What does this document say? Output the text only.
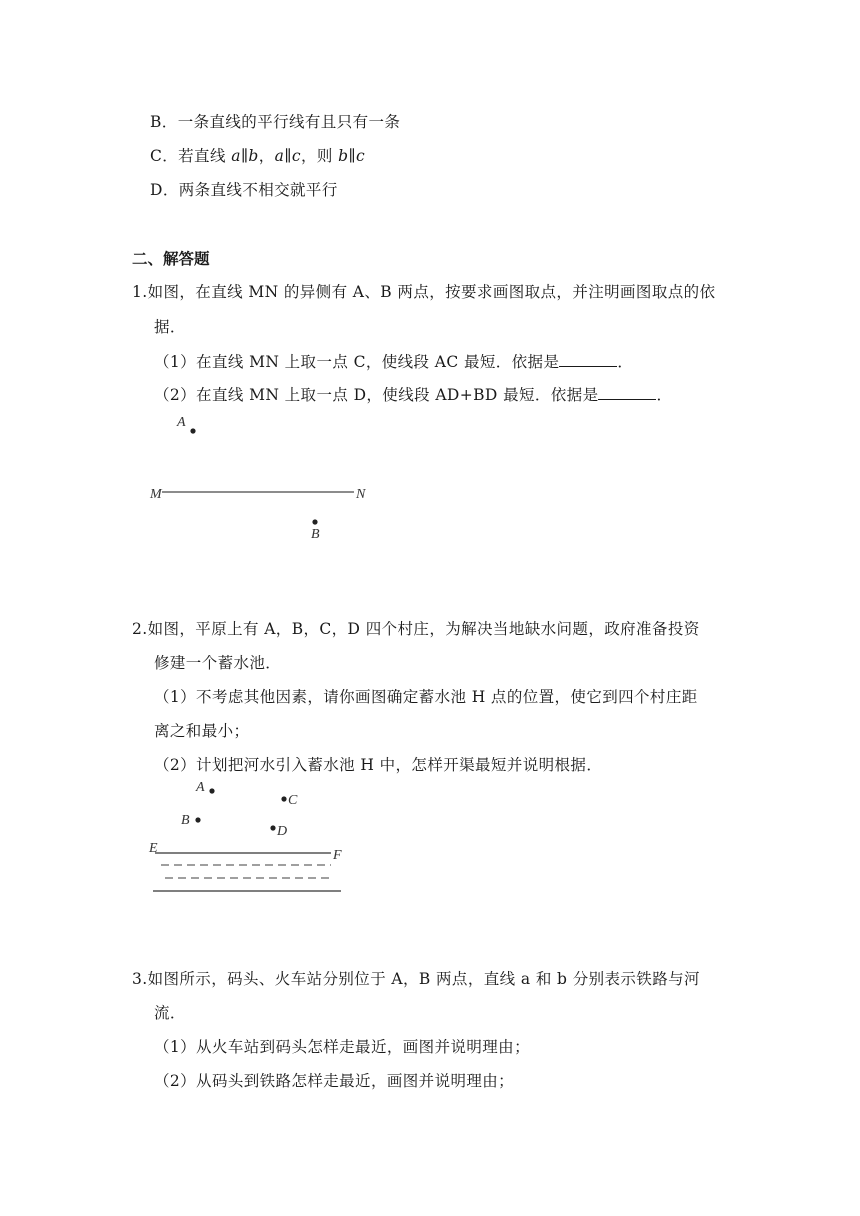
B．一条直线的平行线有且只有一条
C．若直线 a∥b，a∥c，则 b∥c
D．两条直线不相交就平行
二、解答题
1.如图，在直线 MN 的异侧有 A、B 两点，按要求画图取点，并注明画图取点的依
据．
（1）在直线 MN 上取一点 C，使线段 AC 最短．依据是	．
（2）在直线 MN 上取一点 D，使线段 AD+BD 最短．依据是	．
A
M	N
B
2.如图，平原上有 A，B，C，D 四个村庄，为解决当地缺水问题，政府准备投资
修建一个蓄水池．
（1）不考虑其他因素，请你画图确定蓄水池 H 点的位置，使它到四个村庄距
离之和最小；
（2）计划把河水引入蓄水池 H 中，怎样开渠最短并说明根据．
A
C
B
D
E	F
3.如图所示，码头、火车站分别位于 A，B 两点，直线 a 和 b 分别表示铁路与河
流．
（1）从火车站到码头怎样走最近，画图并说明理由；
（2）从码头到铁路怎样走最近，画图并说明理由；
